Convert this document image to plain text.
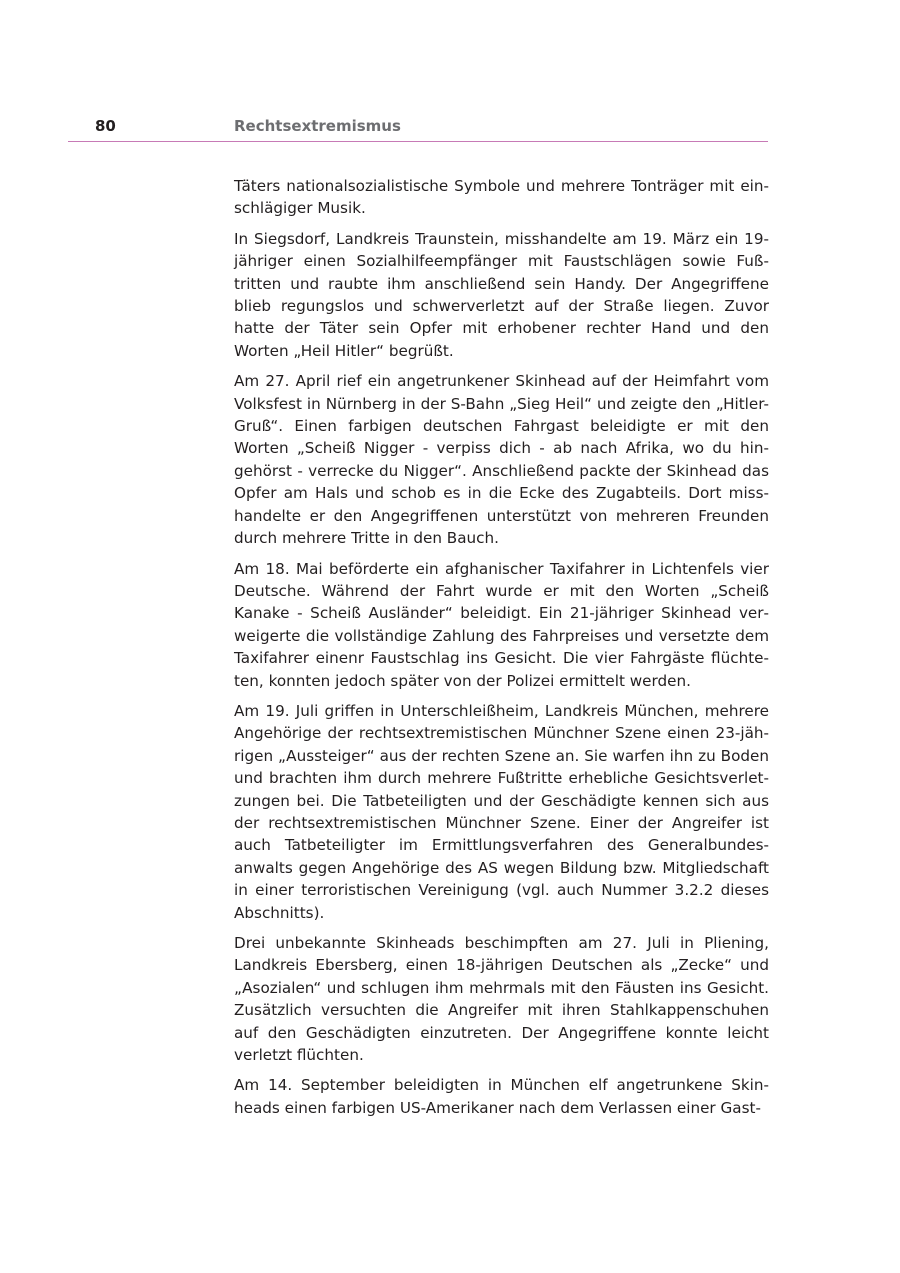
80	Rechtsextremismus

Täters nationalsozialistische Symbole und mehrere Tonträger mit einschlägiger Musik.

In Siegsdorf, Landkreis Traunstein, misshandelte am 19. März ein 19-jähriger einen Sozialhilfeempfänger mit Faustschlägen sowie Fußtritten und raubte ihm anschließend sein Handy. Der Angegriffene blieb regungslos und schwerverletzt auf der Straße liegen. Zuvor hatte der Täter sein Opfer mit erhobener rechter Hand und den Worten „Heil Hitler“ begrüßt.

Am 27. April rief ein angetrunkener Skinhead auf der Heimfahrt vom Volksfest in Nürnberg in der S-Bahn „Sieg Heil“ und zeigte den „Hitler-Gruß“. Einen farbigen deutschen Fahrgast beleidigte er mit den Worten „Scheiß Nigger - verpiss dich - ab nach Afrika, wo du hingehörst - verrecke du Nigger“. Anschließend packte der Skinhead das Opfer am Hals und schob es in die Ecke des Zugabteils. Dort misshandelte er den Angegriffenen unterstützt von mehreren Freunden durch mehrere Tritte in den Bauch.

Am 18. Mai beförderte ein afghanischer Taxifahrer in Lichtenfels vier Deutsche. Während der Fahrt wurde er mit den Worten „Scheiß Kanake - Scheiß Ausländer“ beleidigt. Ein 21-jähriger Skinhead verweigerte die vollständige Zahlung des Fahrpreises und versetzte dem Taxifahrer einenr Faustschlag ins Gesicht. Die vier Fahrgäste flüchteten, konnten jedoch später von der Polizei ermittelt werden.

Am 19. Juli griffen in Unterschleißheim, Landkreis München, mehrere Angehörige der rechtsextremistischen Münchner Szene einen 23-jährigen „Aussteiger“ aus der rechten Szene an. Sie warfen ihn zu Boden und brachten ihm durch mehrere Fußtritte erhebliche Gesichtsverletzungen bei. Die Tatbeteiligten und der Geschädigte kennen sich aus der rechtsextremistischen Münchner Szene. Einer der Angreifer ist auch Tatbeteiligter im Ermittlungsverfahren des Generalbundesanwalts gegen Angehörige des AS wegen Bildung bzw. Mitgliedschaft in einer terroristischen Vereinigung (vgl. auch Nummer 3.2.2 dieses Abschnitts).

Drei unbekannte Skinheads beschimpften am 27. Juli in Pliening, Landkreis Ebersberg, einen 18-jährigen Deutschen als „Zecke“ und „Asozialen“ und schlugen ihm mehrmals mit den Fäusten ins Gesicht. Zusätzlich versuchten die Angreifer mit ihren Stahlkappenschuhen auf den Geschädigten einzutreten. Der Angegriffene konnte leicht verletzt flüchten.

Am 14. September beleidigten in München elf angetrunkene Skinheads einen farbigen US-Amerikaner nach dem Verlassen einer Gast-
